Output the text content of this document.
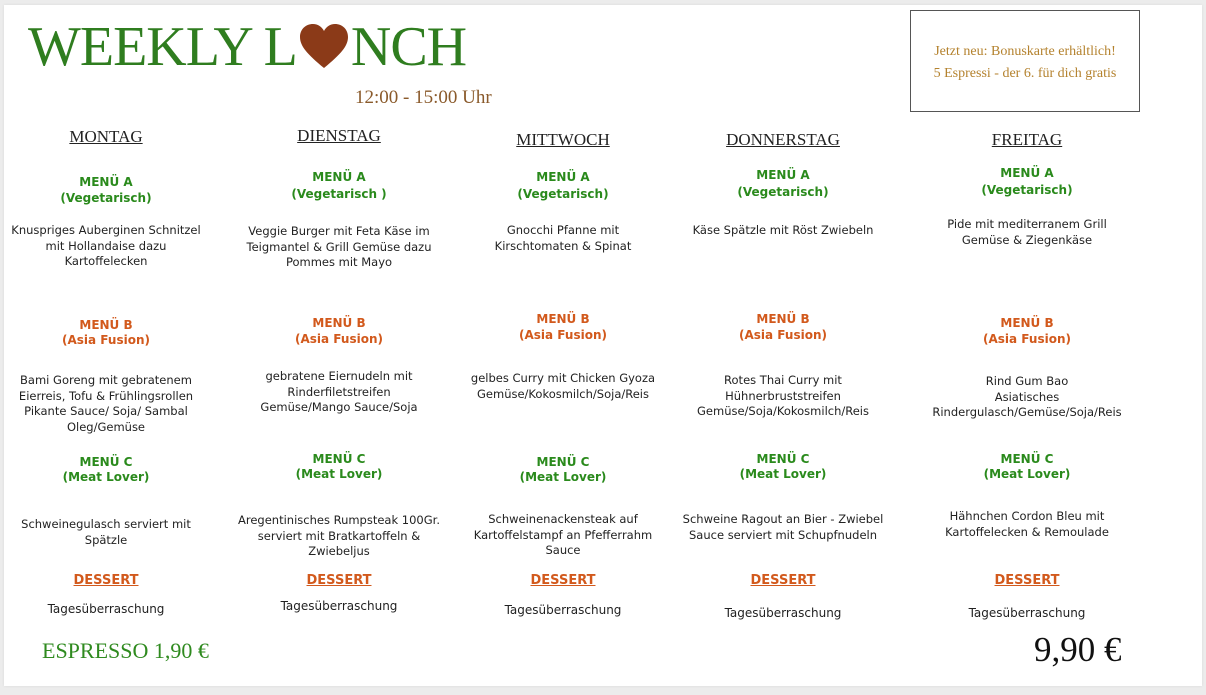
WEEKLY L NCH
12:00 - 15:00 Uhr
Jetzt neu: Bonuskarte erhältlich!
5 Espressi - der 6. für dich gratis
MONTAG
MENÜ A
(Vegetarisch)
Knuspriges Auberginen Schnitzel
mit Hollandaise dazu
Kartoffelecken
MENÜ B
(Asia Fusion)
Bami Goreng mit gebratenem
Eierreis, Tofu & Frühlingsrollen
Pikante Sauce/ Soja/ Sambal
Oleg/Gemüse
MENÜ C
(Meat Lover)
Schweinegulasch serviert mit
Spätzle
DESSERT
Tagesüberraschung
DIENSTAG
MENÜ A
(Vegetarisch )
Veggie Burger mit Feta Käse im
Teigmantel & Grill Gemüse dazu
Pommes mit Mayo
MENÜ B
(Asia Fusion)
gebratene Eiernudeln mit
Rinderfiletstreifen
Gemüse/Mango Sauce/Soja
MENÜ C
(Meat Lover)
Aregentinisches Rumpsteak 100Gr.
serviert mit Bratkartoffeln &
Zwiebeljus
DESSERT
Tagesüberraschung
MITTWOCH
MENÜ A
(Vegetarisch)
Gnocchi Pfanne mit
Kirschtomaten & Spinat
MENÜ B
(Asia Fusion)
gelbes Curry mit Chicken Gyoza
Gemüse/Kokosmilch/Soja/Reis
MENÜ C
(Meat Lover)
Schweinenackensteak auf
Kartoffelstampf an Pfefferrahm
Sauce
DESSERT
Tagesüberraschung
DONNERSTAG
MENÜ A
(Vegetarisch)
Käse Spätzle mit Röst Zwiebeln
MENÜ B
(Asia Fusion)
Rotes Thai Curry mit
Hühnerbruststreifen
Gemüse/Soja/Kokosmilch/Reis
MENÜ C
(Meat Lover)
Schweine Ragout an Bier - Zwiebel
Sauce serviert mit Schupfnudeln
DESSERT
Tagesüberraschung
FREITAG
MENÜ A
(Vegetarisch)
Pide mit mediterranem Grill
Gemüse & Ziegenkäse
MENÜ B
(Asia Fusion)
Rind Gum Bao
Asiatisches
Rindergulasch/Gemüse/Soja/Reis
MENÜ C
(Meat Lover)
Hähnchen Cordon Bleu mit
Kartoffelecken & Remoulade
DESSERT
Tagesüberraschung
ESPRESSO 1,90 €	9,90 €
